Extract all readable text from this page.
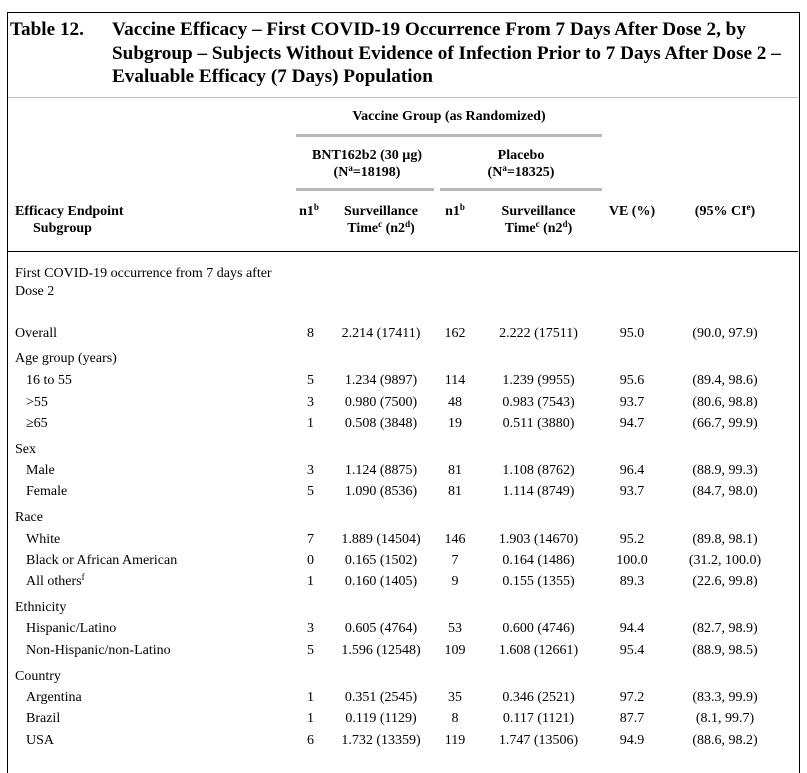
Table 12. Vaccine Efficacy – First COVID-19 Occurrence From 7 Days After Dose 2, by Subgroup – Subjects Without Evidence of Infection Prior to 7 Days After Dose 2 – Evaluable Efficacy (7 Days) Population
Vaccine Group (as Randomized)
BNT162b2 (30 µg)
$(N^a=18198)$
Placebo
$(N^a=18325)$
Efficacy Endpoint
Subgroup
n1$^b$	Surveillance
Time$^c$ (n2$^d$)
n1$^b$	Surveillance
Time$^c$ (n2$^d$)
VE (%)	(95% CIe)
First COVID-19 occurrence from 7 days after
Dose 2
Overall	8	2.214 (17411)	162	2.222 (17511)	95.0	(90.0, 97.9)
Age group (years)
16 to 55	5	1.234 (9897)	114	1.239 (9955)	95.6	(89.4, 98.6)
>55	3	0.980 (7500)	48	0.983 (7543)	93.7	(80.6, 98.8)
≥65	1	0.508 (3848)	19	0.511 (3880)	94.7	(66.7, 99.9)
Sex
Male	3	1.124 (8875)	81	1.108 (8762)	96.4	(88.9, 99.3)
Female	5	1.090 (8536)	81	1.114 (8749)	93.7	(84.7, 98.0)
Race
White	7	1.889 (14504)	146	1.903 (14670)	95.2	(89.8, 98.1)
Black or African American	0	0.165 (1502)	7	0.164 (1486)	100.0	(31.2, 100.0)
All others$^f$	1	0.160 (1405)	9	0.155 (1355)	89.3	(22.6, 99.8)
Ethnicity
Hispanic/Latino	3	0.605 (4764)	53	0.600 (4746)	94.4	(82.7, 98.9)
Non-Hispanic/non-Latino	5	1.596 (12548)	109	1.608 (12661)	95.4	(88.9, 98.5)
Country
Argentina	1	0.351 (2545)	35	0.346 (2521)	97.2	(83.3, 99.9)
Brazil	1	0.119 (1129)	8	0.117 (1121)	87.7	(8.1, 99.7)
USA	6	1.732 (13359)	119	1.747 (13506)	94.9	(88.6, 98.2)
